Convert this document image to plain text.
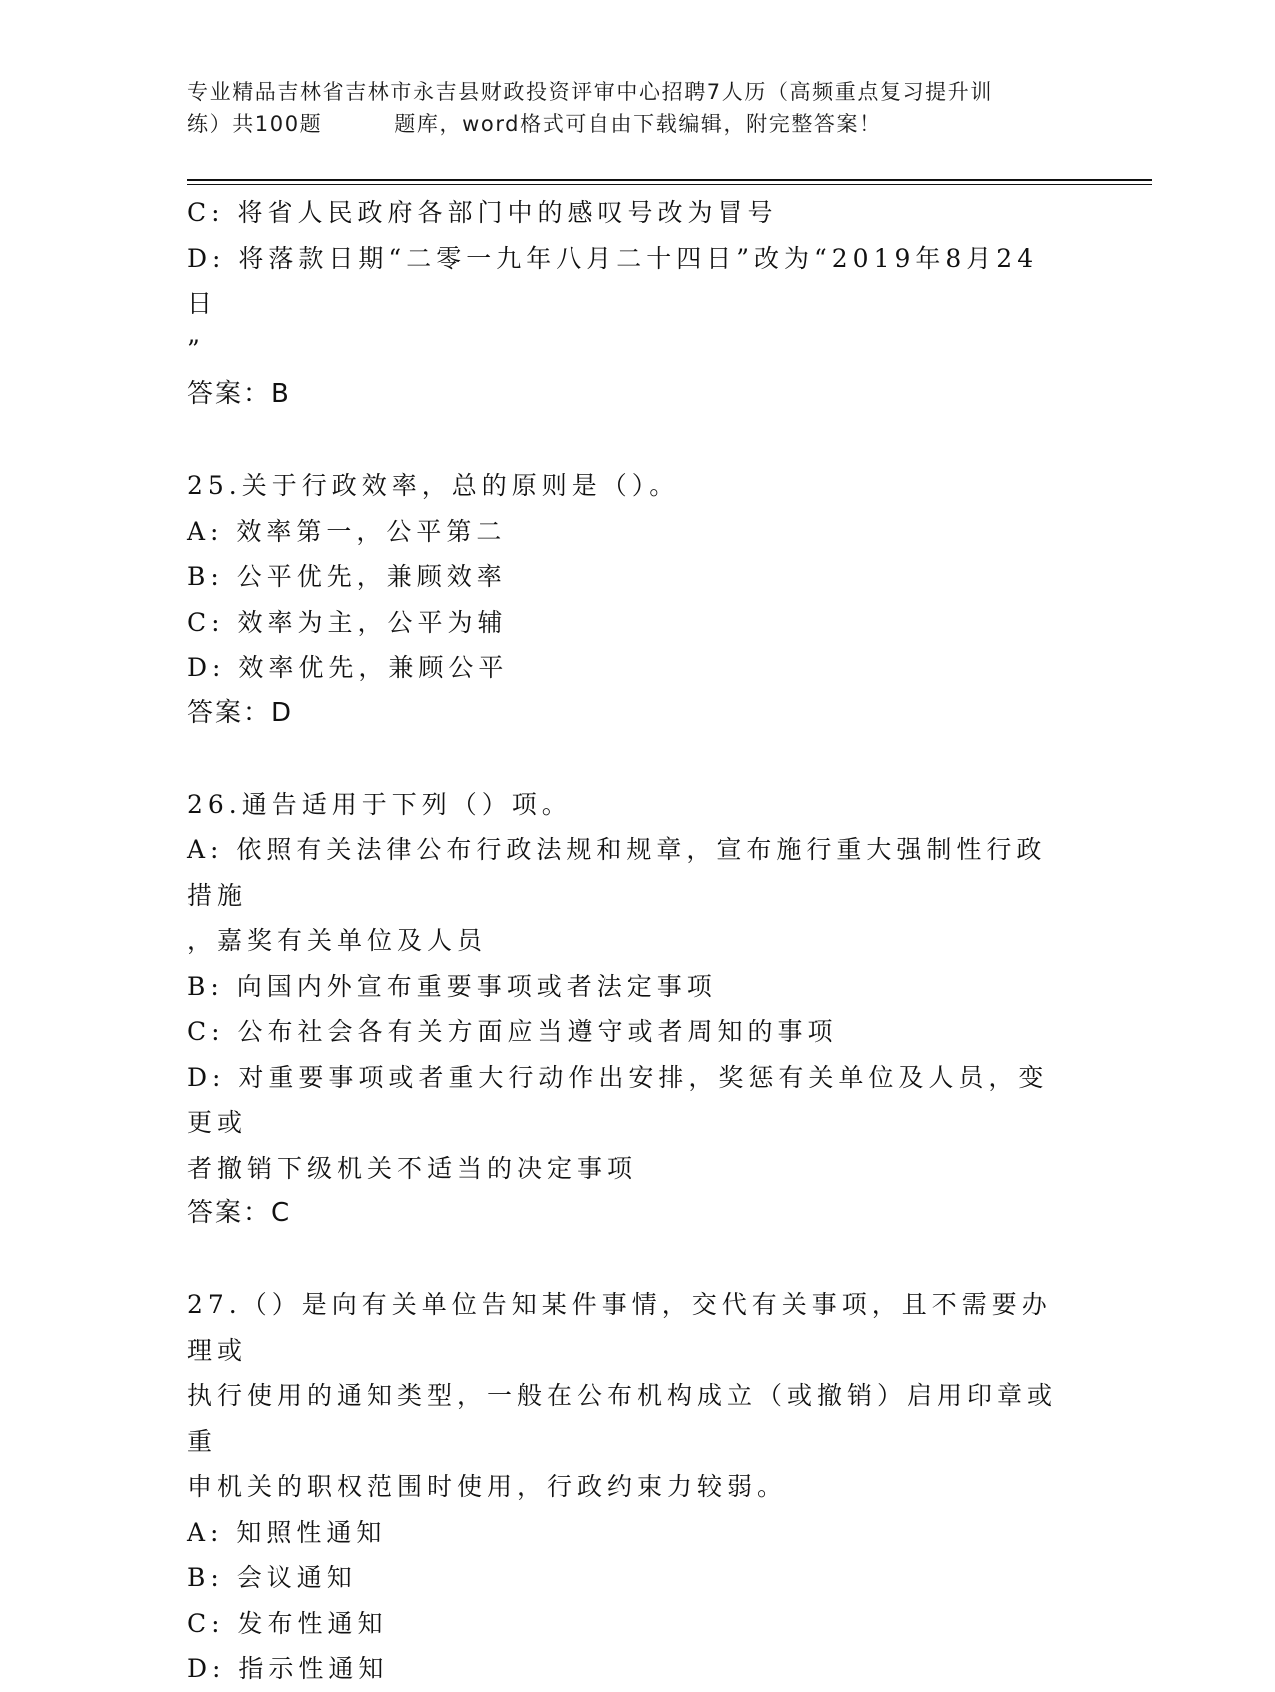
专业精品吉林省吉林市永吉县财政投资评审中心招聘7人历（高频重点复习提升训
练）共100题	题库，word格式可自由下载编辑，附完整答案！

C: 将省人民政府各部门中的感叹号改为冒号

D: 将落款日期“二零一九年八月二十四日”改为“2019年8月24日

”

答案：B

25.关于行政效率，总的原则是（）。

A: 效率第一，公平第二

B: 公平优先，兼顾效率

C: 效率为主，公平为辅

D: 效率优先，兼顾公平

答案：D

26.通告适用于下列（）项。

A: 依照有关法律公布行政法规和规章，宣布施行重大强制性行政措施

，嘉奖有关单位及人员

B: 向国内外宣布重要事项或者法定事项

C: 公布社会各有关方面应当遵守或者周知的事项

D: 对重要事项或者重大行动作出安排，奖惩有关单位及人员，变更或

者撤销下级机关不适当的决定事项

答案：C

27.（）是向有关单位告知某件事情，交代有关事项，且不需要办理或

执行使用的通知类型，一般在公布机构成立（或撤销）启用印章或重

申机关的职权范围时使用，行政约束力较弱。

A: 知照性通知

B: 会议通知

C: 发布性通知

D: 指示性通知
